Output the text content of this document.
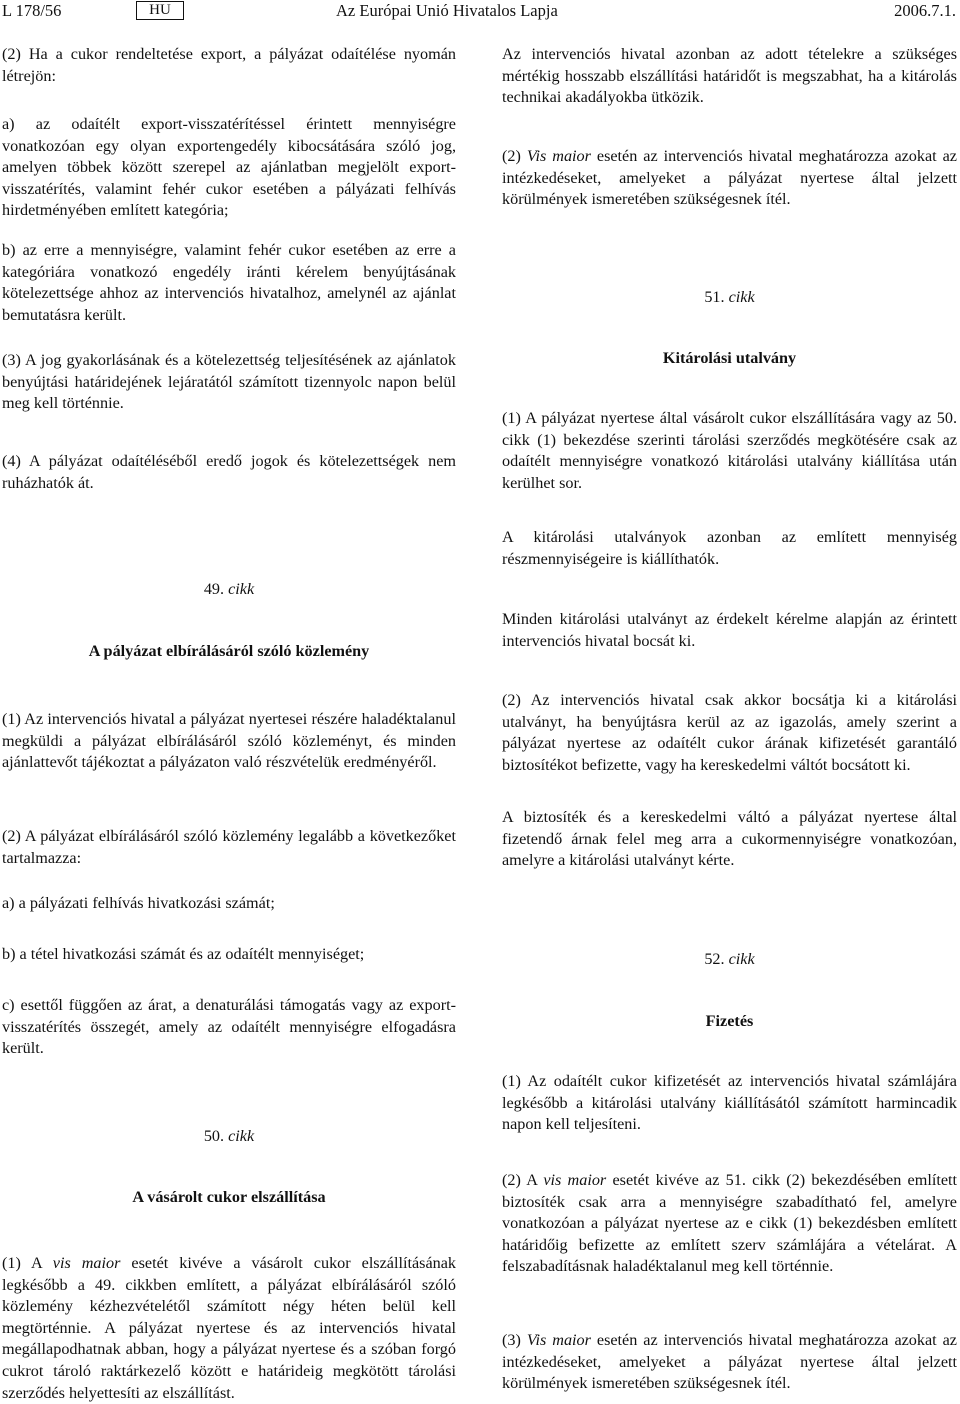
L 178/56	HU	Az Európai Unió Hivatalos Lapja	2006.7.1.

(2) Ha a cukor rendeltetése export, a pályázat odaítélése nyomán létrejön:

a) az odaítélt export-visszatérítéssel érintett mennyiségre vonatkozóan egy olyan exportengedély kibocsátására szóló jog, amelyen többek között szerepel az ajánlatban megjelölt export-visszatérítés, valamint fehér cukor esetében a pályázati felhívás hirdetményében említett kategória;

b) az erre a mennyiségre, valamint fehér cukor esetében az erre a kategóriára vonatkozó engedély iránti kérelem benyújtásának kötelezettsége ahhoz az intervenciós hivatalhoz, amelynél az ajánlat bemutatásra került.

(3) A jog gyakorlásának és a kötelezettség teljesítésének az ajánlatok benyújtási határidejének lejáratától számított tizennyolc napon belül meg kell történnie.

(4) A pályázat odaítéléséből eredő jogok és kötelezettségek nem ruházhatók át.

49. cikk

A pályázat elbírálásáról szóló közlemény

(1) Az intervenciós hivatal a pályázat nyertesei részére haladéktalanul megküldi a pályázat elbírálásáról szóló közleményt, és minden ajánlattevőt tájékoztat a pályázaton való részvételük eredményéről.

(2) A pályázat elbírálásáról szóló közlemény legalább a következőket tartalmazza:

a) a pályázati felhívás hivatkozási számát;

b) a tétel hivatkozási számát és az odaítélt mennyiséget;

c) esettől függően az árat, a denaturálási támogatás vagy az export-visszatérítés összegét, amely az odaítélt mennyiségre elfogadásra került.

50. cikk

A vásárolt cukor elszállítása

(1) A vis maior esetét kivéve a vásárolt cukor elszállításának legkésőbb a 49. cikkben említett, a pályázat elbírálásáról szóló közlemény kézhezvételétől számított négy héten belül kell megtörténnie. A pályázat nyertese és az intervenciós hivatal megállapodhatnak abban, hogy a pályázat nyertese és a szóban forgó cukrot tároló raktárkezelő között e határideig megkötött tárolási szerződés helyettesíti az elszállítást.

Az intervenciós hivatal azonban az adott tételekre a szükséges mértékig hosszabb elszállítási határidőt is megszabhat, ha a kitárolás technikai akadályokba ütközik.

(2) Vis maior esetén az intervenciós hivatal meghatározza azokat az intézkedéseket, amelyeket a pályázat nyertese által jelzett körülmények ismeretében szükségesnek ítél.

51. cikk

Kitárolási utalvány

(1) A pályázat nyertese által vásárolt cukor elszállítására vagy az 50. cikk (1) bekezdése szerinti tárolási szerződés megkötésére csak az odaítélt mennyiségre vonatkozó kitárolási utalvány kiállítása után kerülhet sor.

A kitárolási utalványok azonban az említett mennyiség részmennyiségeire is kiállíthatók.

Minden kitárolási utalványt az érdekelt kérelme alapján az érintett intervenciós hivatal bocsát ki.

(2) Az intervenciós hivatal csak akkor bocsátja ki a kitárolási utalványt, ha benyújtásra kerül az az igazolás, amely szerint a pályázat nyertese az odaítélt cukor árának kifizetését garantáló biztosítékot befizette, vagy ha kereskedelmi váltót bocsátott ki.

A biztosíték és a kereskedelmi váltó a pályázat nyertese által fizetendő árnak felel meg arra a cukormennyiségre vonatkozóan, amelyre a kitárolási utalványt kérte.

52. cikk

Fizetés

(1) Az odaítélt cukor kifizetését az intervenciós hivatal számlájára legkésőbb a kitárolási utalvány kiállításától számított harmincadik napon kell teljesíteni.

(2) A vis maior esetét kivéve az 51. cikk (2) bekezdésében említett biztosíték csak arra a mennyiségre szabadítható fel, amelyre vonatkozóan a pályázat nyertese az e cikk (1) bekezdésben említett határidőig befizette az említett szerv számlájára a vételárat. A felszabadításnak haladéktalanul meg kell történnie.

(3) Vis maior esetén az intervenciós hivatal meghatározza azokat az intézkedéseket, amelyeket a pályázat nyertese által jelzett körülmények ismeretében szükségesnek ítél.
